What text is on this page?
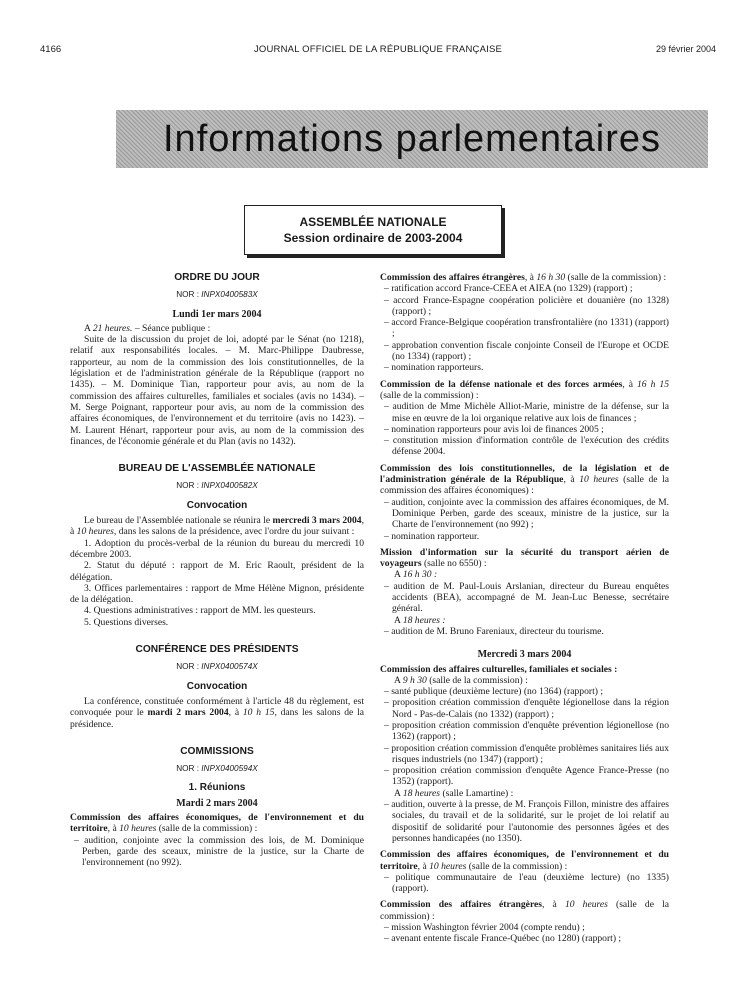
4166	JOURNAL OFFICIEL DE LA RÉPUBLIQUE FRANÇAISE	29 février 2004
Informations parlementaires
ASSEMBLÉE NATIONALE
Session ordinaire de 2003-2004
ORDRE DU JOUR
NOR : INPX0400583X
Lundi 1er mars 2004

A 21 heures. – Séance publique :

Suite de la discussion du projet de loi, adopté par le Sénat (no 1218), relatif aux responsabilités locales. – M. Marc-Philippe Daubresse, rapporteur, au nom de la commission des lois constitutionnelles, de la législation et de l'administration générale de la République (rapport no 1435). – M. Dominique Tian, rapporteur pour avis, au nom de la commission des affaires culturelles, familiales et sociales (avis no 1434). – M. Serge Poignant, rapporteur pour avis, au nom de la commission des affaires économiques, de l'environnement et du territoire (avis no 1423). – M. Laurent Hénart, rapporteur pour avis, au nom de la commission des finances, de l'économie générale et du Plan (avis no 1432).

BUREAU DE L'ASSEMBLÉE NATIONALE
NOR : INPX0400582X
Convocation

Le bureau de l'Assemblée nationale se réunira le mercredi 3 mars 2004, à 10 heures, dans les salons de la présidence, avec l'ordre du jour suivant :

1. Adoption du procès-verbal de la réunion du bureau du mercredi 10 décembre 2003.

2. Statut du député : rapport de M. Eric Raoult, président de la délégation.

3. Offices parlementaires : rapport de Mme Hélène Mignon, présidente de la délégation.

4. Questions administratives : rapport de MM. les questeurs.

5. Questions diverses.

CONFÉRENCE DES PRÉSIDENTS
NOR : INPX0400574X
Convocation

La conférence, constituée conformément à l'article 48 du règlement, est convoquée pour le mardi 2 mars 2004, à 10 h 15, dans les salons de la présidence.

COMMISSIONS
NOR : INPX0400594X
1. Réunions
Mardi 2 mars 2004

Commission des affaires économiques, de l'environnement et du territoire, à 10 heures (salle de la commission) :

– audition, conjointe avec la commission des lois, de M. Dominique Perben, garde des sceaux, ministre de la justice, sur la Charte de l'environnement (no 992).

Commission des affaires étrangères, à 16 h 30 (salle de la commission) :

– ratification accord France-CEEA et AIEA (no 1329) (rapport) ;

– accord France-Espagne coopération policière et douanière (no 1328) (rapport) ;

– accord France-Belgique coopération transfrontalière (no 1331) (rapport) ;

– approbation convention fiscale conjointe Conseil de l'Europe et OCDE (no 1334) (rapport) ;

– nomination rapporteurs.

Commission de la défense nationale et des forces armées, à 16 h 15 (salle de la commission) :

– audition de Mme Michèle Alliot-Marie, ministre de la défense, sur la mise en œuvre de la loi organique relative aux lois de finances ;

– nomination rapporteurs pour avis loi de finances 2005 ;

– constitution mission d'information contrôle de l'exécution des crédits défense 2004.

Commission des lois constitutionnelles, de la législation et de l'administration générale de la République, à 10 heures (salle de la commission des affaires économiques) :

– audition, conjointe avec la commission des affaires économiques, de M. Dominique Perben, garde des sceaux, ministre de la justice, sur la Charte de l'environnement (no 992) ;

– nomination rapporteur.

Mission d'information sur la sécurité du transport aérien de voyageurs (salle no 6550) :

A 16 h 30 :

– audition de M. Paul-Louis Arslanian, directeur du Bureau enquêtes accidents (BEA), accompagné de M. Jean-Luc Benesse, secrétaire général.

A 18 heures :

– audition de M. Bruno Fareniaux, directeur du tourisme.

Mercredi 3 mars 2004

Commission des affaires culturelles, familiales et sociales :

A 9 h 30 (salle de la commission) :

– santé publique (deuxième lecture) (no 1364) (rapport) ;

– proposition création commission d'enquête légionellose dans la région Nord - Pas-de-Calais (no 1332) (rapport) ;

– proposition création commission d'enquête prévention légionellose (no 1362) (rapport) ;

– proposition création commission d'enquête problèmes sanitaires liés aux risques industriels (no 1347) (rapport) ;

– proposition création commission d'enquête Agence France-Presse (no 1352) (rapport).

A 18 heures (salle Lamartine) :

– audition, ouverte à la presse, de M. François Fillon, ministre des affaires sociales, du travail et de la solidarité, sur le projet de loi relatif au dispositif de solidarité pour l'autonomie des personnes âgées et des personnes handicapées (no 1350).

Commission des affaires économiques, de l'environnement et du territoire, à 10 heures (salle de la commission) :

– politique communautaire de l'eau (deuxième lecture) (no 1335) (rapport).

Commission des affaires étrangères, à 10 heures (salle de la commission) :

– mission Washington février 2004 (compte rendu) ;

– avenant entente fiscale France-Québec (no 1280) (rapport) ;
